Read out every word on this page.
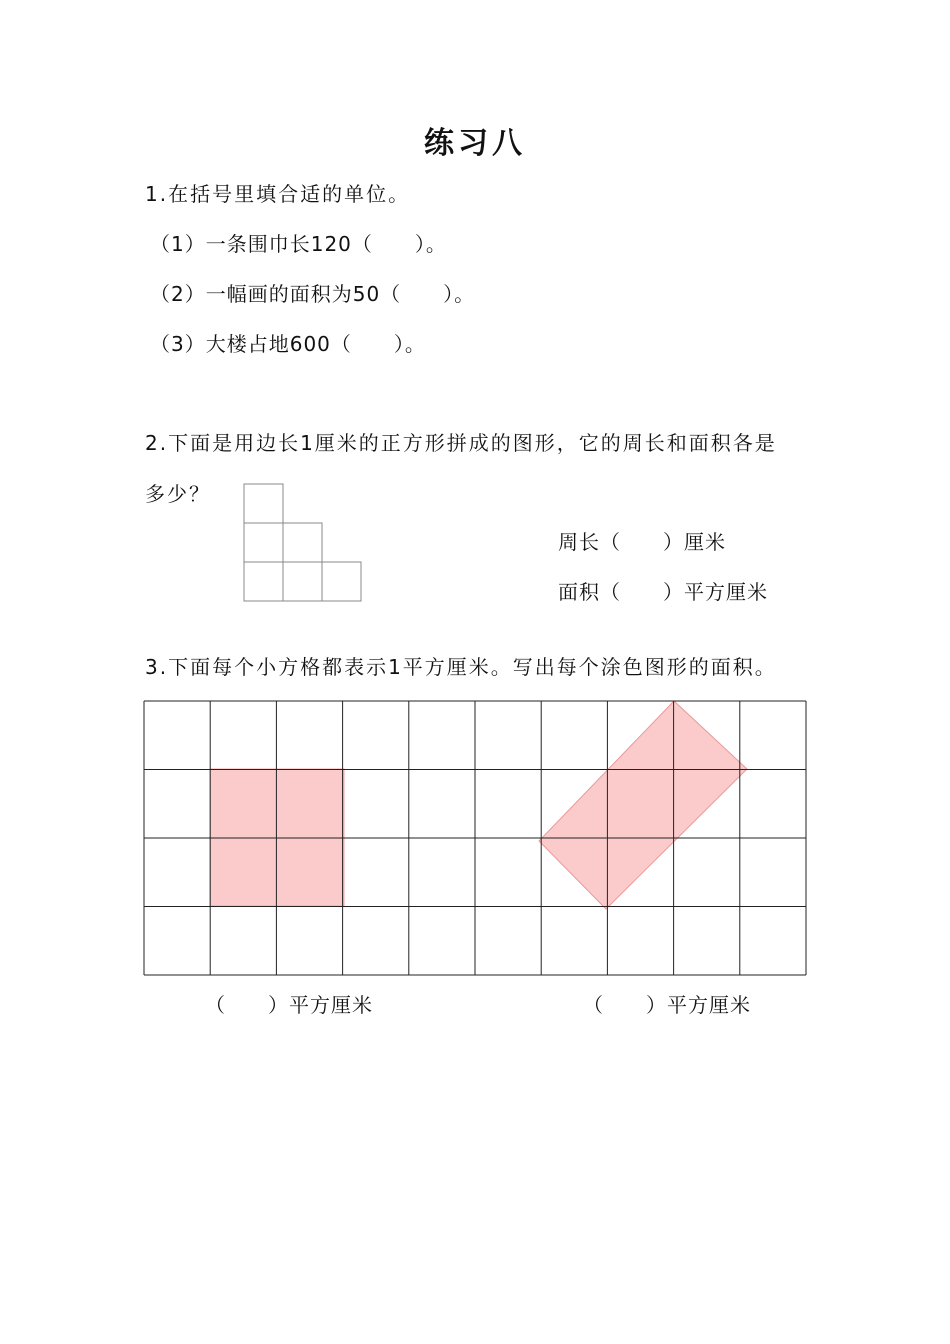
练习八
1.在括号里填合适的单位。
（1）一条围巾长120（　　）。
（2）一幅画的面积为50（　　）。
（3）大楼占地600（　　）。
2.下面是用边长1厘米的正方形拼成的图形，它的周长和面积各是
多少？
周长（　　）厘米
面积（　　）平方厘米
3.下面每个小方格都表示1平方厘米。写出每个涂色图形的面积。
（　　）平方厘米	（　　）平方厘米
